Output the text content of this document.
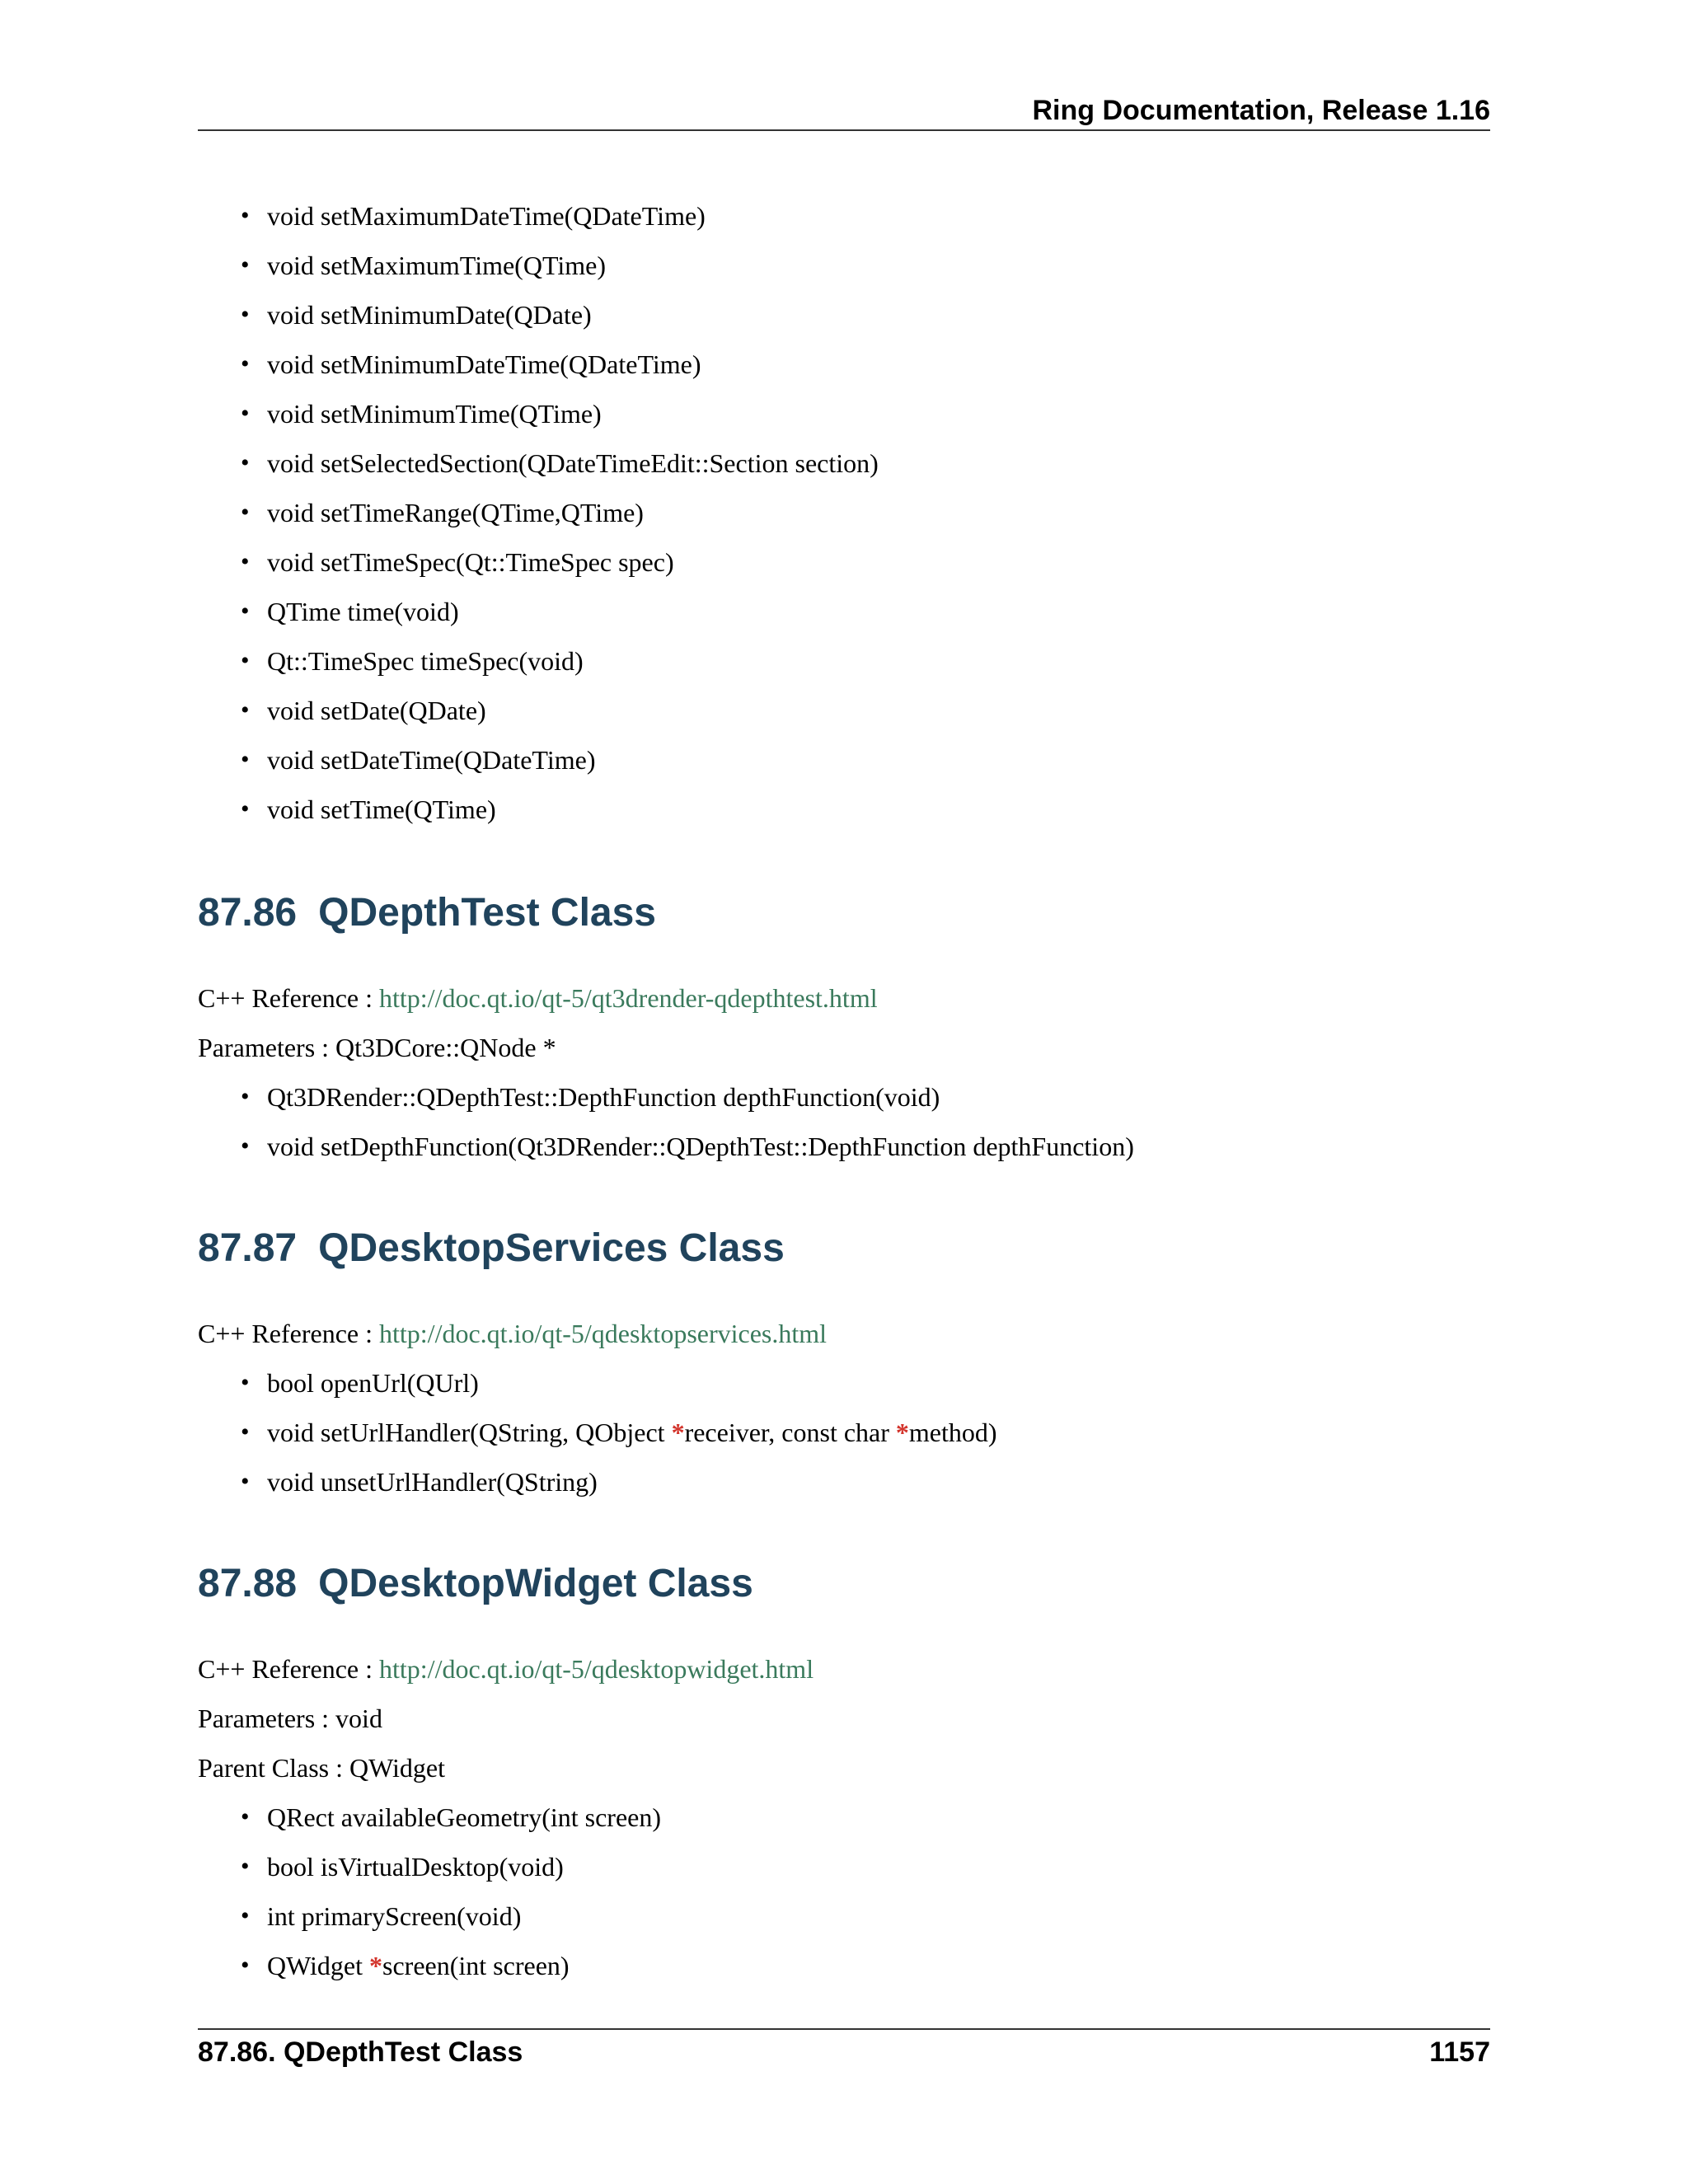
Ring Documentation, Release 1.16
• void setMaximumDateTime(QDateTime)
• void setMaximumTime(QTime)
• void setMinimumDate(QDate)
• void setMinimumDateTime(QDateTime)
• void setMinimumTime(QTime)
• void setSelectedSection(QDateTimeEdit::Section section)
• void setTimeRange(QTime,QTime)
• void setTimeSpec(Qt::TimeSpec spec)
• QTime time(void)
• Qt::TimeSpec timeSpec(void)
• void setDate(QDate)
• void setDateTime(QDateTime)
• void setTime(QTime)
87.86 QDepthTest Class

C++ Reference : http://doc.qt.io/qt-5/qt3drender-qdepthtest.html

Parameters : Qt3DCore::QNode *

• Qt3DRender::QDepthTest::DepthFunction depthFunction(void)
• void setDepthFunction(Qt3DRender::QDepthTest::DepthFunction depthFunction)
87.87 QDesktopServices Class

C++ Reference : http://doc.qt.io/qt-5/qdesktopservices.html

• bool openUrl(QUrl)
• void setUrlHandler(QString, QObject *receiver, const char *method)
• void unsetUrlHandler(QString)
87.88 QDesktopWidget Class

C++ Reference : http://doc.qt.io/qt-5/qdesktopwidget.html

Parameters : void

Parent Class : QWidget

• QRect availableGeometry(int screen)
• bool isVirtualDesktop(void)
• int primaryScreen(void)
• QWidget *screen(int screen)
87.86. QDepthTest Class	1157
